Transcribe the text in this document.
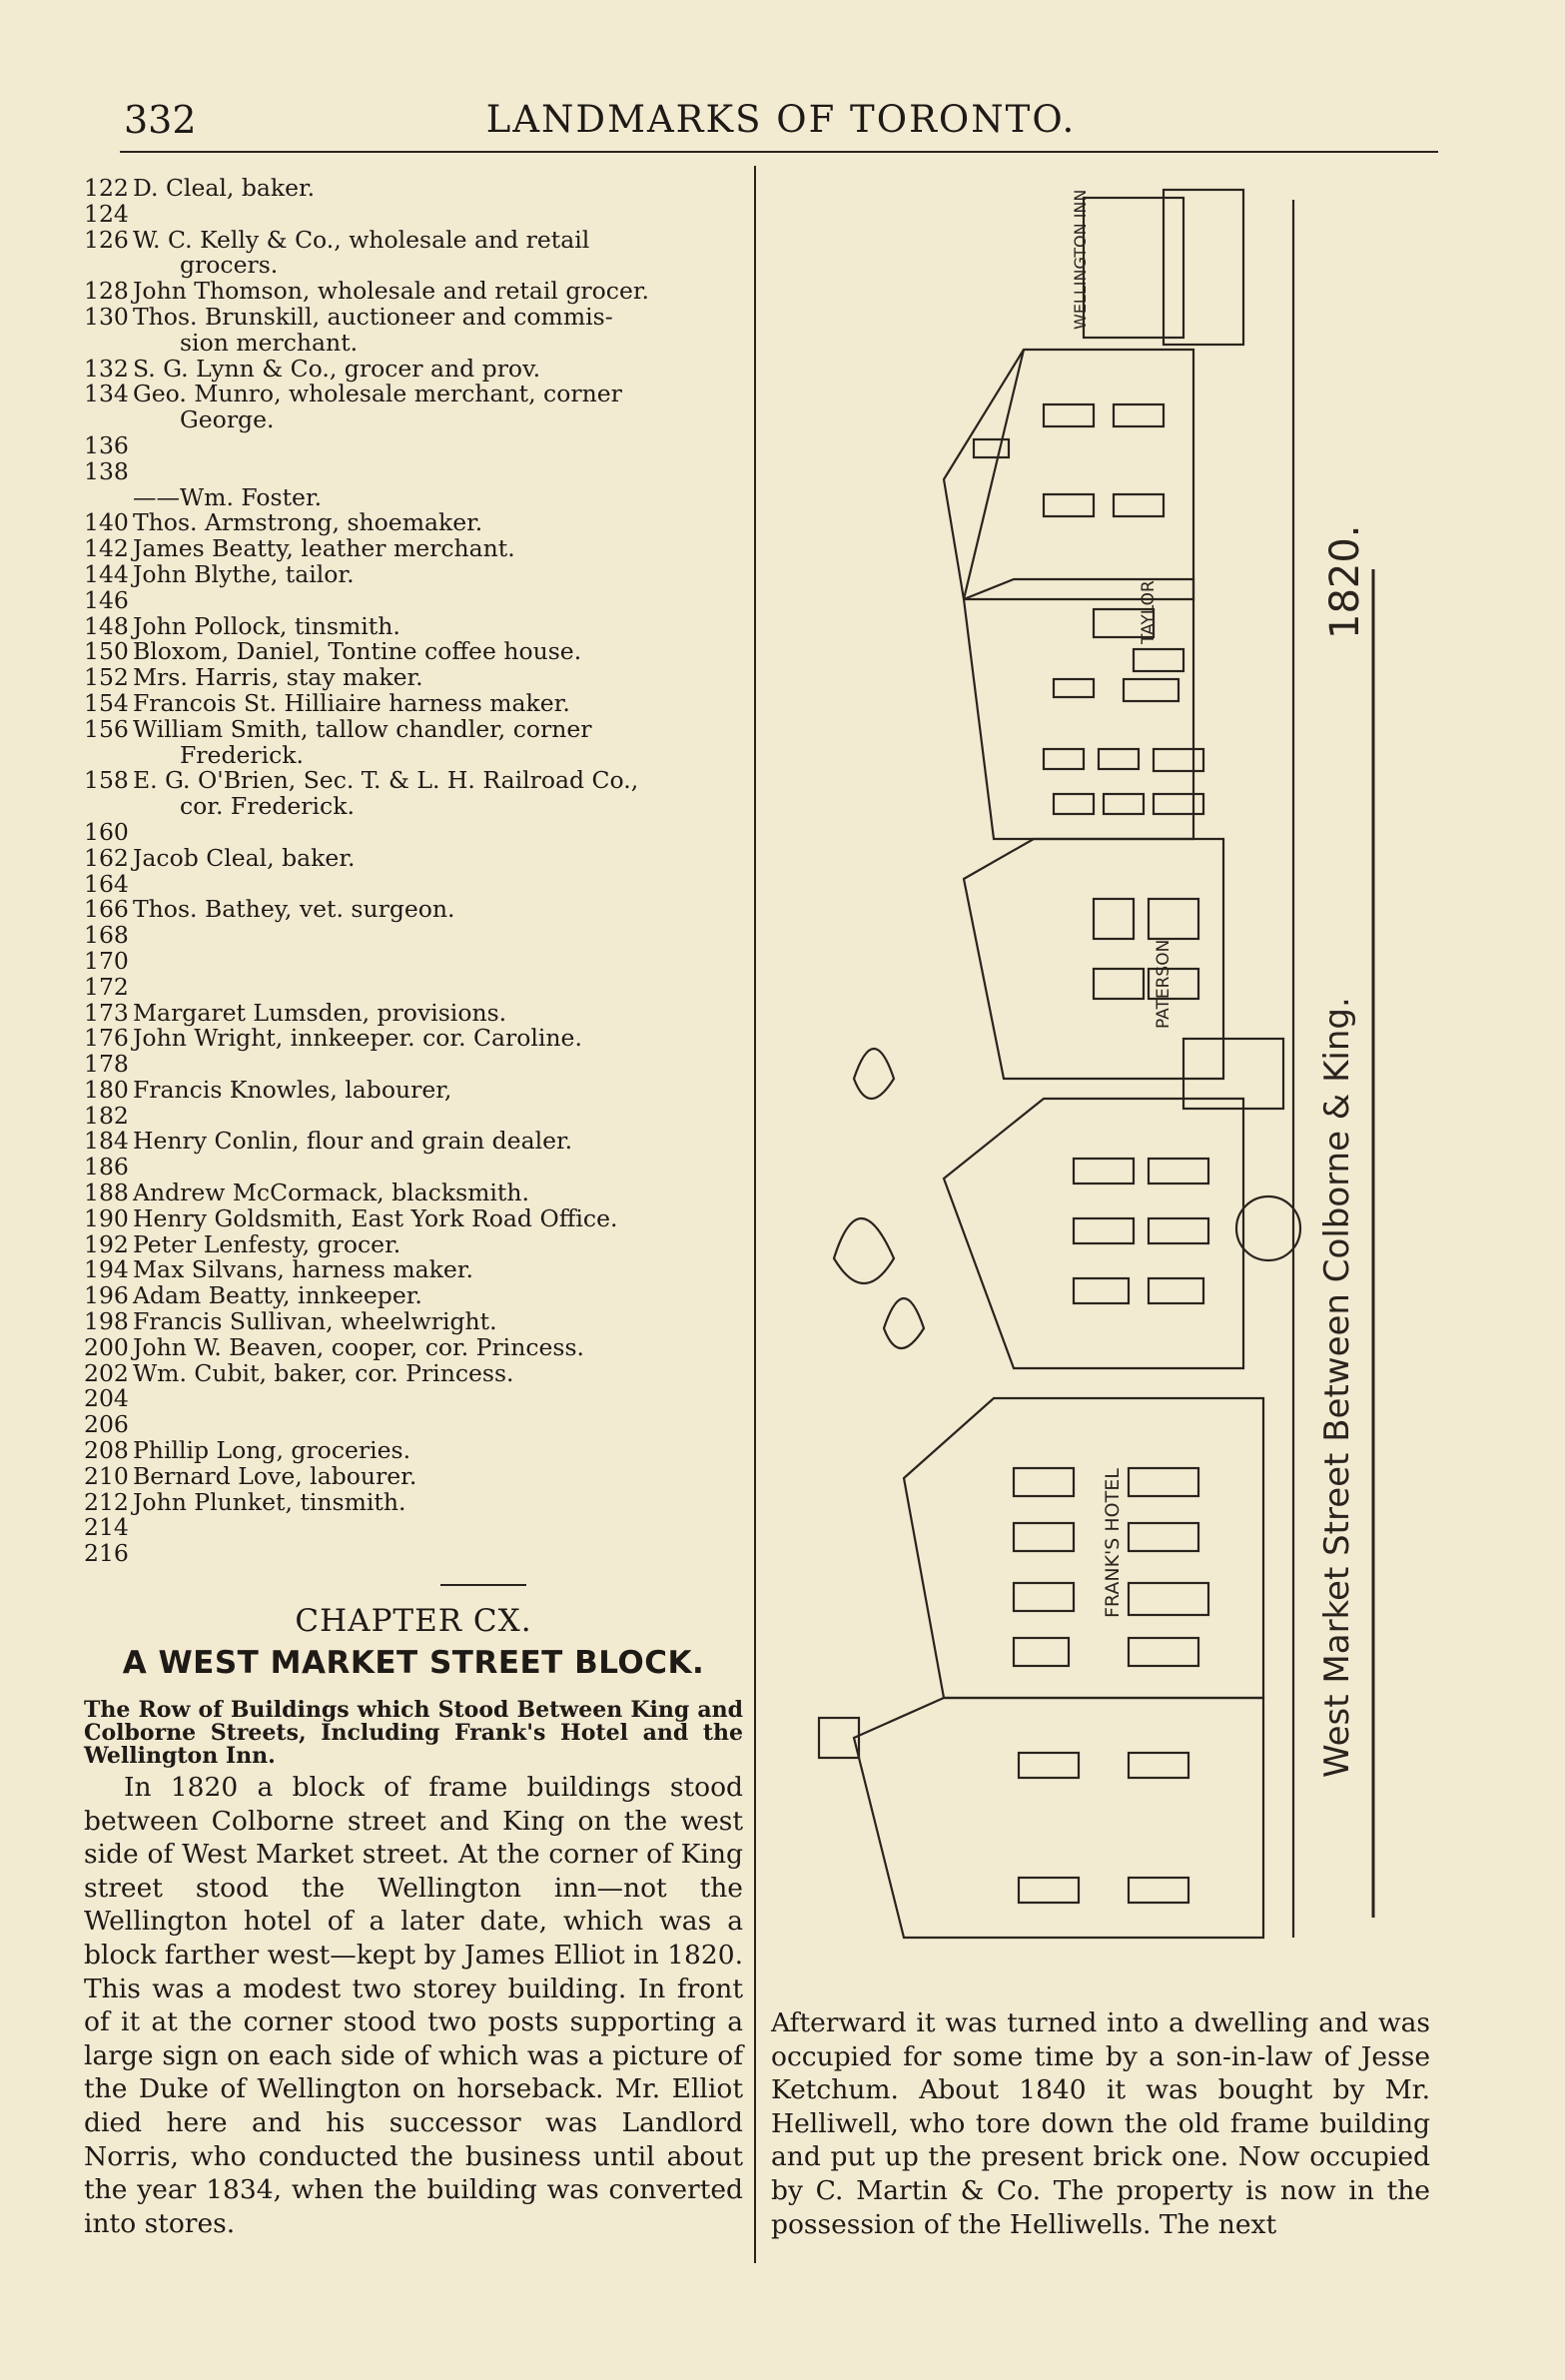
332	LANDMARKS OF TORONTO.
122 D. Cleal, baker.
124
126 W. C. Kelly & Co., wholesale and retail
grocers.
128 John Thomson, wholesale and retail grocer.
130 Thos. Brunskill, auctioneer and commis-
sion merchant.
132 S. G. Lynn & Co., grocer and prov.
134 Geo. Munro, wholesale merchant, corner
George.
136
138
——Wm. Foster.
140 Thos. Armstrong, shoemaker.
142 James Beatty, leather merchant.
144 John Blythe, tailor.
146
148 John Pollock, tinsmith.
150 Bloxom, Daniel, Tontine coffee house.
152 Mrs. Harris, stay maker.
154 Francois St. Hilliaire harness maker.
156 William Smith, tallow chandler, corner
Frederick.
158 E. G. O'Brien, Sec. T. & L. H. Railroad Co.,
cor. Frederick.
160
162 Jacob Cleal, baker.
164
166 Thos. Bathey, vet. surgeon.
168
170
172
173 Margaret Lumsden, provisions.
176 John Wright, innkeeper. cor. Caroline.
178
180 Francis Knowles, labourer,
182
184 Henry Conlin, flour and grain dealer.
186
188 Andrew McCormack, blacksmith.
190 Henry Goldsmith, East York Road Office.
192 Peter Lenfesty, grocer.
194 Max Silvans, harness maker.
196 Adam Beatty, innkeeper.
198 Francis Sullivan, wheelwright.
200 John W. Beaven, cooper, cor. Princess.
202 Wm. Cubit, baker, cor. Princess.
204
206
208 Phillip Long, groceries.
210 Bernard Love, labourer.
212 John Plunket, tinsmith.
214
216
CHAPTER CX.
A WEST MARKET STREET BLOCK.
The Row of Buildings which Stood Between King and Colborne Streets, Including Frank's Hotel and the Wellington Inn.

In 1820 a block of frame buildings stood between Colborne street and King on the west side of West Market street. At the corner of King street stood the Wellington inn—not the Wellington hotel of a later date, which was a block farther west—kept by James Elliot in 1820. This was a modest two storey building. In front of it at the corner stood two posts supporting a large sign on each side of which was a picture of the Duke of Wellington on horseback. Mr. Elliot died here and his successor was Landlord Norris, who conducted the business until about the year 1834, when the building was converted into stores.

Afterward it was turned into a dwelling and was occupied for some time by a son-in-law of Jesse Ketchum. About 1840 it was bought by Mr. Helliwell, who tore down the old frame building and put up the present brick one. Now occupied by C. Martin & Co. The property is now in the possession of the Helliwells. The next

WELLINGTON INN
TAYLOR
PATERSON
FRANK'S HOTEL	West Market Street Between Colborne & King.
1820.
